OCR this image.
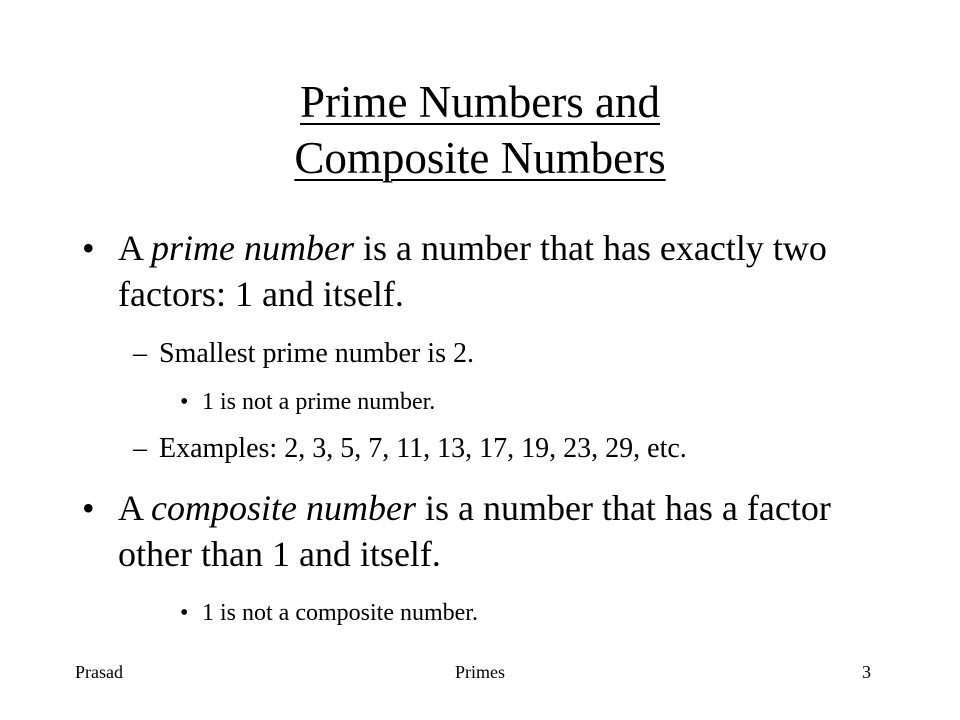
Prime Numbers and
Composite Numbers
• A prime number is a number that has exactly two factors: 1 and itself.
– Smallest prime number is 2.
• 1 is not a prime number.
– Examples: 2, 3, 5, 7, 11, 13, 17, 19, 23, 29, etc.
• A composite number is a number that has a factor other than 1 and itself.
• 1 is not a composite number.
Prasad	Primes	3
